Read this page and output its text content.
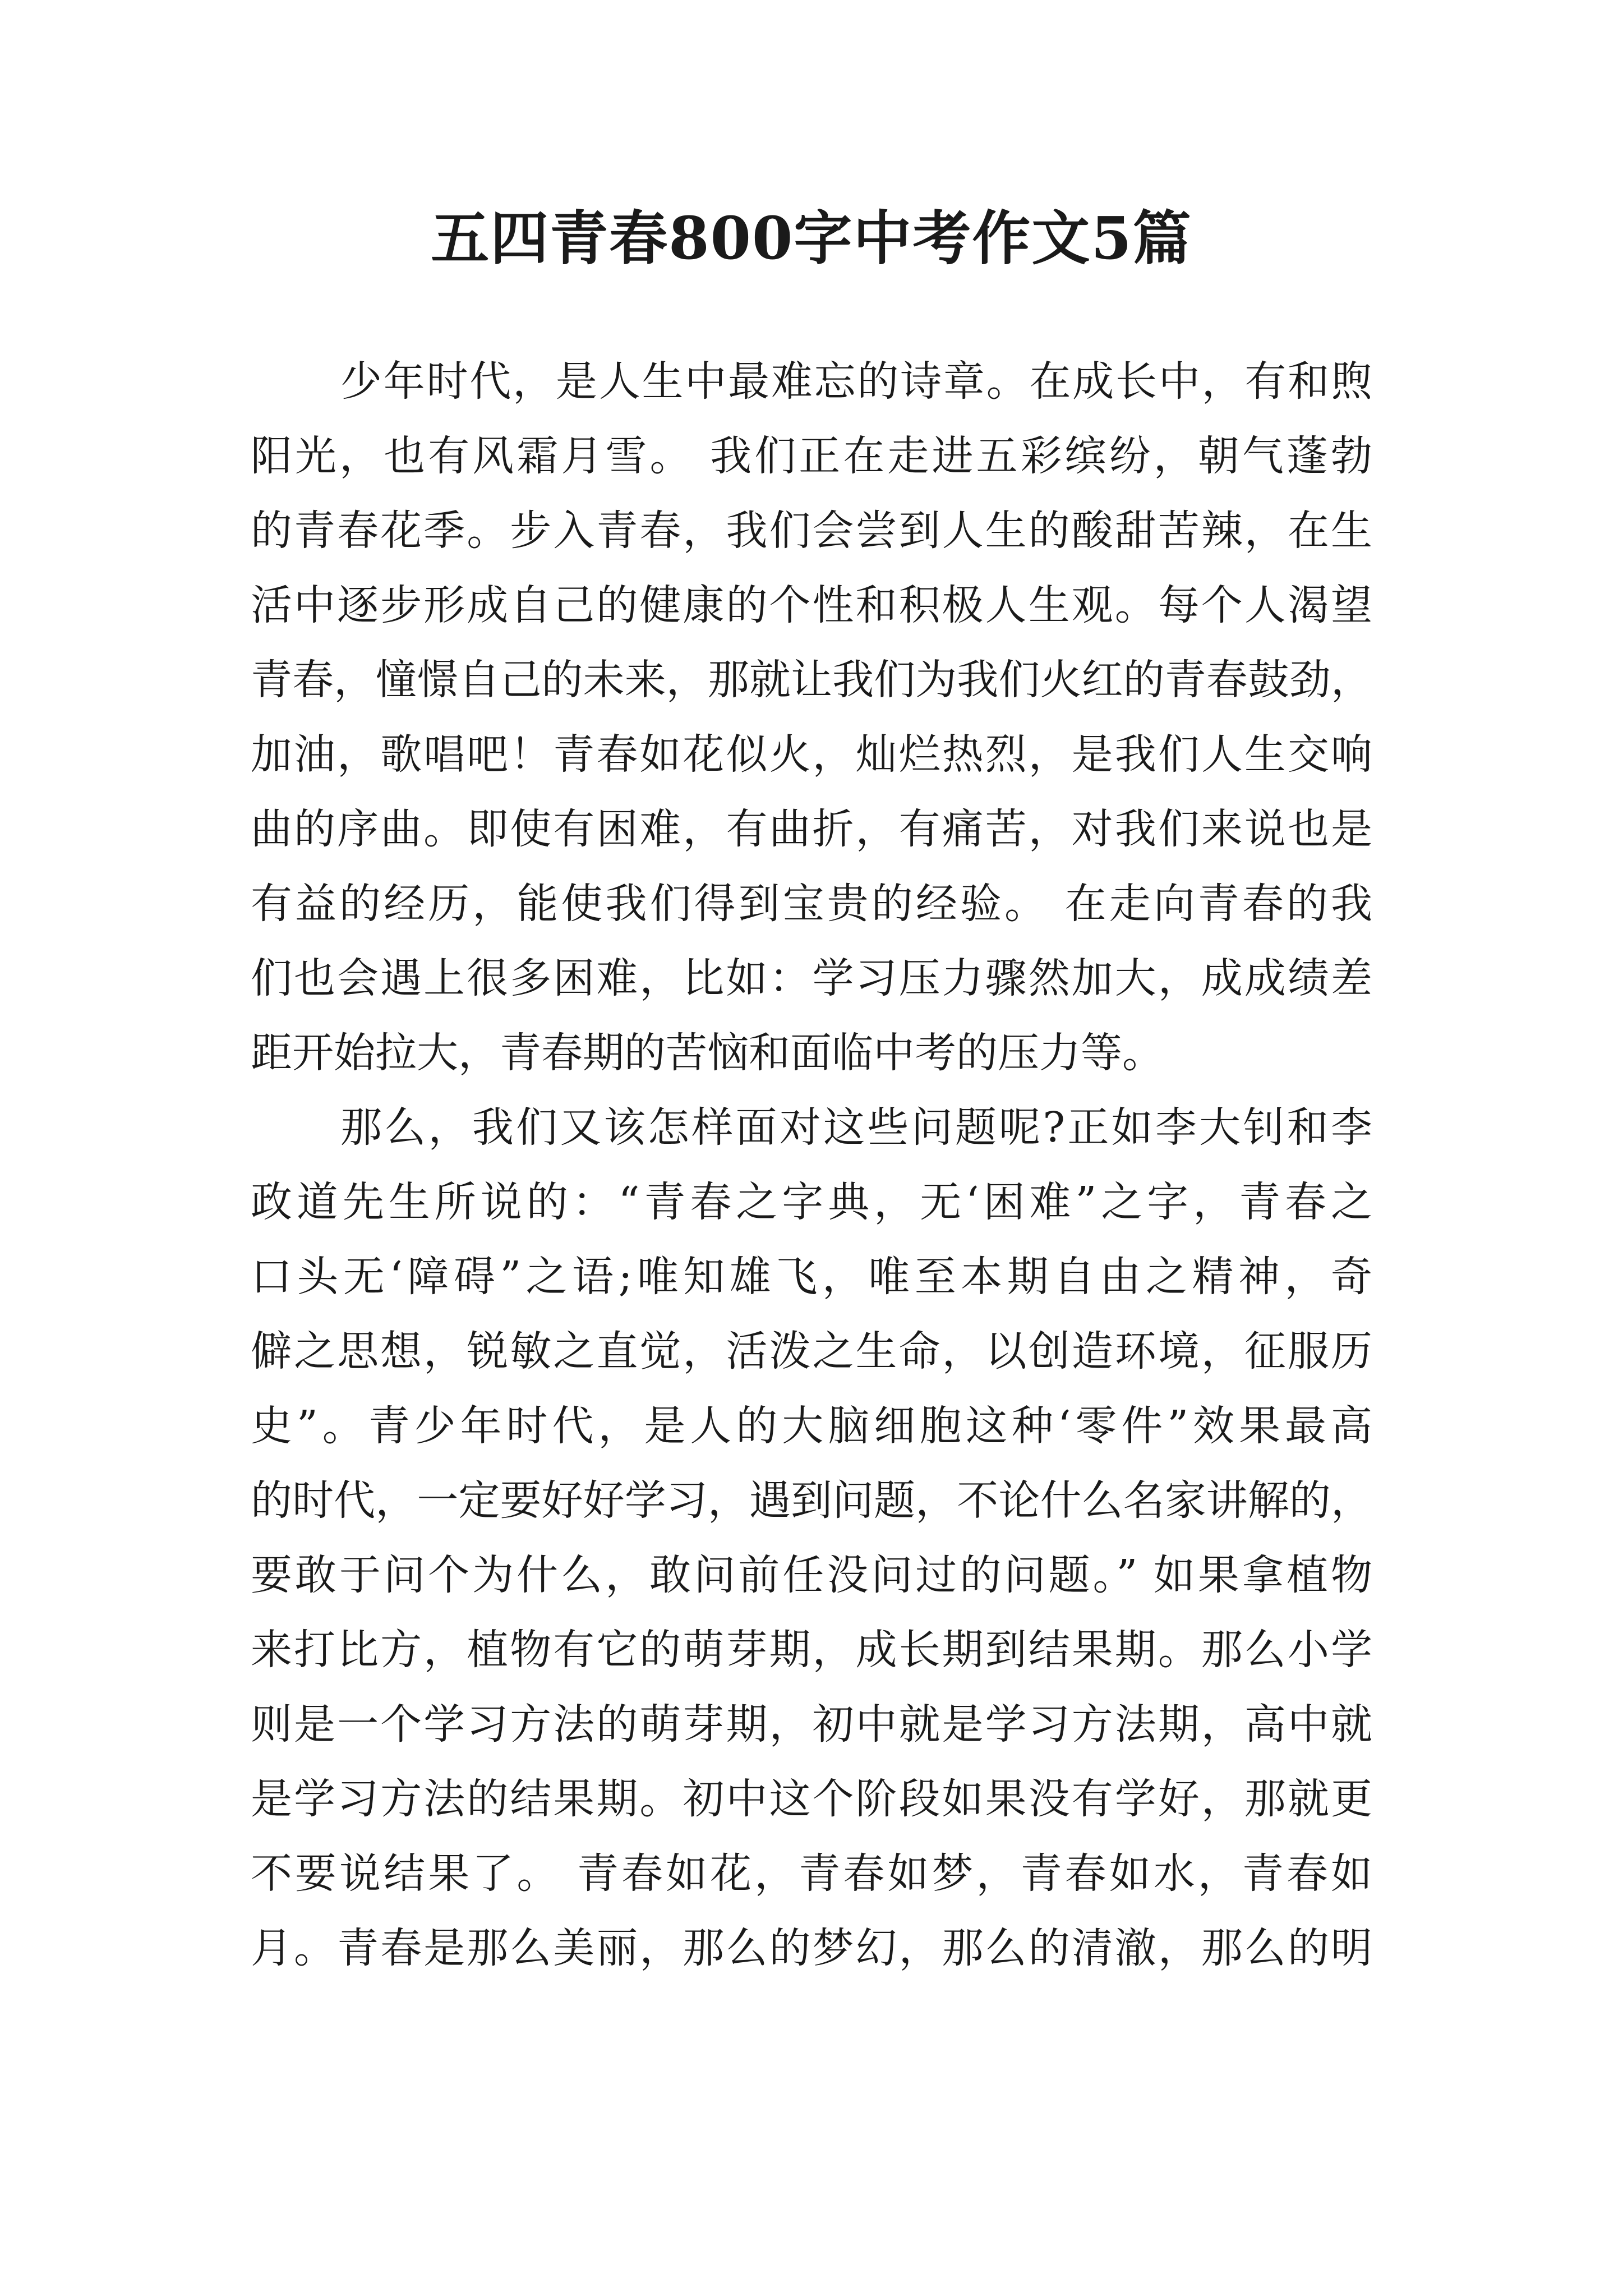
五四青春800字中考作文5篇
少年时代，是人生中最难忘的诗章。在成长中，有和煦
阳光，也有风霜月雪。 我们正在走进五彩缤纷，朝气蓬勃
的青春花季。步入青春，我们会尝到人生的酸甜苦辣，在生
活中逐步形成自己的健康的个性和积极人生观。每个人渴望
青春，憧憬自己的未来，那就让我们为我们火红的青春鼓劲，
加油，歌唱吧！青春如花似火，灿烂热烈，是我们人生交响
曲的序曲。即使有困难，有曲折，有痛苦，对我们来说也是
有益的经历，能使我们得到宝贵的经验。 在走向青春的我
们也会遇上很多困难，比如：学习压力骤然加大，成成绩差
距开始拉大，青春期的苦恼和面临中考的压力等。
那么，我们又该怎样面对这些问题呢?正如李大钊和李
政道先生所说的：“青春之字典，无‘困难”之字，青春之
口头无‘障碍”之语;唯知雄飞，唯至本期自由之精神，奇
僻之思想，锐敏之直觉，活泼之生命，以创造环境，征服历
史”。青少年时代，是人的大脑细胞这种‘零件”效果最高
的时代，一定要好好学习，遇到问题，不论什么名家讲解的，
要敢于问个为什么，敢问前任没问过的问题。” 如果拿植物
来打比方，植物有它的萌芽期，成长期到结果期。那么小学
则是一个学习方法的萌芽期，初中就是学习方法期，高中就
是学习方法的结果期。初中这个阶段如果没有学好，那就更
不要说结果了。 青春如花，青春如梦，青春如水，青春如
月。青春是那么美丽，那么的梦幻，那么的清澈，那么的明
